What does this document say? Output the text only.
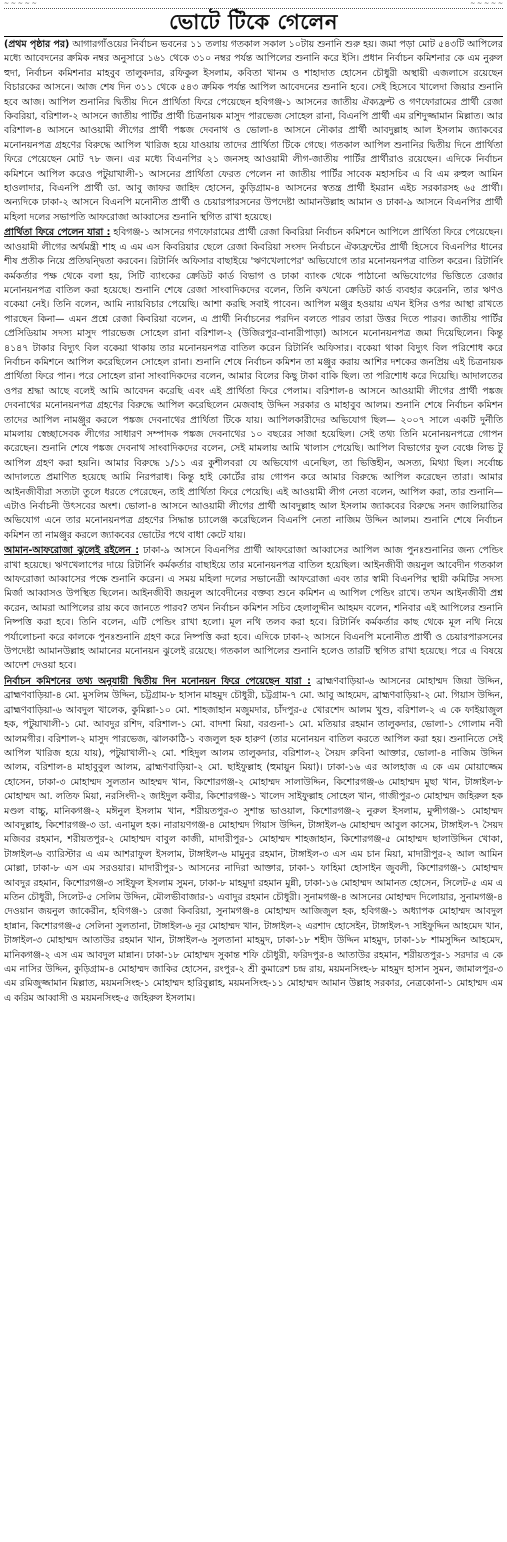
~ ~ ~ ~ ~	~ ~ ~ ~ ~
ভোটে টিকে গেলেন

(প্রথম পৃষ্ঠার পর) আগারগাঁওয়ের নির্বাচন ভবনের ১১ তলায় গতকাল সকাল ১০টায় শুনানি শুরু হয়। জমা পড়া মোট ৫৪৩টি আপিলের মধ্যে আবেদনের ক্রমিক নম্বর অনুসারে ১৬১ থেকে ৩১০ নম্বর পর্যন্ত আপিলের শুনানি করে ইসি। প্রধান নির্বাচন কমিশনার কে এম নুরুল হুদা, নির্বাচন কমিশনার মাহবুব তালুকদার, রফিকুল ইসলাম, কবিতা খানম ও শাহাদাত হোসেন চৌধুরী অস্থায়ী এজলাসে রয়েছেন বিচারকের আসনে। আজ শেষ দিন ৩১১ থেকে ৫৪৩ ক্রমিক পর্যন্ত আপিল আবেদনের শুনানি হবে। সেই হিসেবে খালেদা জিয়ার শুনানি হবে আজ। আপিল শুনানির দ্বিতীয় দিনে প্রার্থিতা ফিরে পেয়েছেন হবিগঞ্জ-১ আসনের জাতীয় ঐক্যফ্রন্ট ও গণফোরামের প্রার্থী রেজা কিবরিয়া, বরিশাল-২ আসনে জাতীয় পার্টির প্রার্থী চিত্রনায়ক মাসুদ পারভেজ সোহেল রানা, বিএনপি প্রার্থী এম রশিদুজ্জামান মিল্লাত। আর বরিশাল-৪ আসনে আওয়ামী লীগের প্রার্থী পঙ্কজ দেবনাথ ও ভোলা-৪ আসনে নৌকার প্রার্থী আবদুল্লাহ আল ইসলাম জ্যাকবের মনোনয়নপত্র গ্রহণের বিরুদ্ধে আপিল খারিজ হয়ে যাওয়ায় তাদের প্রার্থিতা টিকে গেছে। গতকাল আপিল শুনানির দ্বিতীয় দিনে প্রার্থিতা ফিরে পেয়েছেন মোট ৭৮ জন। এর মধ্যে বিএনপির ২১ জনসহ আওয়ামী লীগ-জাতীয় পার্টির প্রার্থীরাও রয়েছেন। এদিকে নির্বাচন কমিশনে আপিল করেও পটুয়াখালী-১ আসনের প্রার্থিতা ফেরত পেলেন না জাতীয় পার্টির সাবেক মহাসচিব এ বি এম রুহুল আমিন হাওলাদার, বিএনপি প্রার্থী ডা. আবু জাফর জাহিদ হোসেন, কুড়িগ্রাম-৪ আসনের স্বতন্ত্র প্রার্থী ইমরান এইচ সরকারসহ ৬৫ প্রার্থী। অন্যদিকে ঢাকা-২ আসনে বিএনপি মনোনীত প্রার্থী ও চেয়ারপারসনের উপদেষ্টা আমানউল্লাহ আমান ও ঢাকা-৯ আসনে বিএনপির প্রার্থী মহিলা দলের সভাপতি আফরোজা আব্বাসের শুনানি স্থগিত রাখা হয়েছে।

প্রার্থিতা ফিরে পেলেন যারা : হবিগঞ্জ-১ আসনের গণফোরামের প্রার্থী রেজা কিবরিয়া নির্বাচন কমিশনে আপিলে প্রার্থিতা ফিরে পেয়েছেন। আওয়ামী লীগের অর্থমন্ত্রী শাহ এ এম এস কিবরিয়ার ছেলে রেজা কিবরিয়া সংসদ নির্বাচনে ঐক্যফ্রন্টের প্রার্থী হিসেবে বিএনপির ধানের শীষ প্রতীক নিয়ে প্রতিদ্বন্দ্বিতা করবেন। রিটার্নিং অফিসার বাছাইয়ে 'ঋণখেলাপের' অভিযোগে তার মনোনয়নপত্র বাতিল করেন। রিটার্নিং কর্মকর্তার পক্ষ থেকে বলা হয়, সিটি ব্যাংকের ক্রেডিট কার্ড বিভাগ ও ঢাকা ব্যাংক থেকে পাঠানো অভিযোগের ভিত্তিতে রেজার মনোনয়নপত্র বাতিল করা হয়েছে। শুনানি শেষে রেজা সাংবাদিকদের বলেন, তিনি কখনো ক্রেডিট কার্ড ব্যবহার করেননি, তার ঋণও বকেয়া নেই। তিনি বলেন, আমি ন্যায়বিচার পেয়েছি। আশা করছি সবাই পাবেন। আপিল মঞ্জুর হওয়ায় এখন ইসির ওপর আস্থা রাখতে পারছেন কিনা— এমন প্রশ্নে রেজা কিবরিয়া বলেন, এ প্রার্থী নির্বাচনের পরদিন বলতে পারব তারা উত্তর দিতে পারব। জাতীয় পার্টির প্রেসিডিয়াম সদস্য মাসুদ পারভেজ সোহেল রানা বরিশাল-২ (উজিরপুর-বানারীপাড়া) আসনে মনোনয়নপত্র জমা দিয়েছিলেন। কিন্তু ৪১৪৭ টাকার বিদ্যুৎ বিল বকেয়া থাকায় তার মনোনয়নপত্র বাতিল করেন রিটার্নিং অফিসার। বকেয়া থাকা বিদ্যুৎ বিল পরিশোধ করে নির্বাচন কমিশনে আপিল করেছিলেন সোহেল রানা। শুনানি শেষে নির্বাচন কমিশন তা মঞ্জুর করায় আশির দশকের জনপ্রিয় এই চিত্রনায়ক প্রার্থিতা ফিরে পান। পরে সোহেল রানা সাংবাদিকদের বলেন, আমার বিলের কিছু টাকা বাকি ছিল। তা পরিশোধ করে দিয়েছি। আদালতের ওপর শ্রদ্ধা আছে বলেই আমি আবেদন করেছি এবং এই প্রার্থিতা ফিরে পেলাম। বরিশাল-৪ আসনে আওয়ামী লীগের প্রার্থী পঙ্কজ দেবনাথের মনোনয়নপত্র গ্রহণের বিরুদ্ধে আপিল করেছিলেন মেজবাহ উদ্দিন সরকার ও মাহাবুব আলম। শুনানি শেষে নির্বাচন কমিশন তাদের আপিল নামঞ্জুর করলে পঙ্কজ দেবনাথের প্রার্থিতা টিকে যায়। আপিলকারীদের অভিযোগ ছিল— ২০০৭ সালে একটি দুর্নীতি মামলায় স্বেচ্ছাসেবক লীগের সাধারণ সম্পাদক পঙ্কজ দেবনাথের ১০ বছরের সাজা হয়েছিল। সেই তথ্য তিনি মনোনয়নপত্রে গোপন করেছেন। শুনানি শেষে পঙ্কজ দেবনাথ সাংবাদিকদের বলেন, সেই মামলায় আমি খালাস পেয়েছি। আপিল বিভাগের ফুল বেঞ্চে লিভ টু আপিল গ্রহণ করা হয়নি। আমার বিরুদ্ধে ১/১১ এর কুশীলবরা যে অভিযোগ এনেছিল, তা ভিত্তিহীন, অসত্য, মিথ্যা ছিল। সর্বোচ্চ আদালতে প্রমাণিত হয়েছে আমি নিরপরাধ। কিন্তু হাই কোর্টের রায় গোপন করে আমার বিরুদ্ধে আপিল করেছেন তারা। আমার আইনজীবীরা সত্যটা তুলে ধরতে পেরেছেন, তাই প্রার্থিতা ফিরে পেয়েছি। এই আওয়ামী লীগ নেতা বলেন, আপিল করা, তার শুনানি— এটাও নির্বাচনী উৎসবের অংশ। ভোলা-৪ আসনে আওয়ামী লীগের প্রার্থী আবদুল্লাহ আল ইসলাম জ্যাকবের বিরুদ্ধে সনদ জালিয়াতির অভিযোগ এনে তার মনোনয়নপত্র গ্রহণের সিদ্ধান্ত চ্যালেঞ্জ করেছিলেন বিএনপি নেতা নাজিম উদ্দিন আলম। শুনানি শেষে নির্বাচন কমিশন তা নামঞ্জুর করলে জ্যাকবের ভোটের পথে বাধা কেটে যায়।

আমান-আফরোজা ঝুলেই রইলেন : ঢাকা-৯ আসনে বিএনপির প্রার্থী আফরোজা আব্বাসের আপিল আজ পুনঃশুনানির জন্য পেন্ডিং রাখা হয়েছে। ঋণখেলাপের দায়ে রিটার্নিং কর্মকর্তার বাছাইয়ে তার মনোনয়নপত্র বাতিল হয়েছিল। আইনজীবী জয়নুল আবেদীন গতকাল আফরোজা আব্বাসের পক্ষে শুনানি করেন। এ সময় মহিলা দলের সভানেত্রী আফরোজা এবং তার স্বামী বিএনপির স্থায়ী কমিটির সদস্য মির্জা আব্বাসও উপস্থিত ছিলেন। আইনজীবী জয়নুল আবেদীনের বক্তব্য শুনে কমিশন এ আপিল পেন্ডিং রাখে। তখন আইনজীবী প্রশ্ন করেন, আমরা আপিলের রায় কবে জানতে পারব? তখন নির্বাচন কমিশন সচিব হেলালুদ্দীন আহমদ বলেন, শনিবার এই আপিলের শুনানি নিষ্পত্তি করা হবে। তিনি বলেন, এটি পেন্ডিং রাখা হলো। মূল নথি তলব করা হবে। রিটার্নিং কর্মকর্তার কাছ থেকে মূল নথি নিয়ে পর্যালোচনা করে কালকে পুনঃশুনানি গ্রহণ করে নিষ্পত্তি করা হবে। এদিকে ঢাকা-২ আসনে বিএনপি মনোনীত প্রার্থী ও চেয়ারপারসনের উপদেষ্টা আমানউল্লাহ আমানের মনোনয়ন ঝুলেই রয়েছে। গতকাল আপিলের শুনানি হলেও তারটি স্থগিত রাখা হয়েছে। পরে এ বিষয়ে আদেশ দেওয়া হবে।

নির্বাচন কমিশনের তথ্য অনুযায়ী দ্বিতীয় দিন মনোনয়ন ফিরে পেয়েছেন যারা : ব্রাহ্মণবাড়িয়া-৬ আসনের মোহাম্মদ জিয়া উদ্দিন, ব্রাহ্মণবাড়িয়া-৪ মো. মুসলিম উদ্দিন, চট্টগ্রাম-৮ হাসান মাহমুদ চৌধুরী, চট্টগ্রাম-৭ মো. আবু আহমেদ, ব্রাহ্মণবাড়িয়া-২ মো. গিয়াস উদ্দিন, ব্রাহ্মণবাড়িয়া-৬ আবদুল খালেক, কুমিল্লা-১০ মো. শাহজাহান মজুমদার, চাঁদপুর-৫ খোরশেদ আলম খুশু, বরিশাল-২ এ কে ফাইয়াজুল হক, পটুয়াখালী-১ মো. আবদুর রশিদ, বরিশাল-১ মো. বাদশা মিয়া, বরগুনা-১ মো. মতিয়ার রহমান তালুকদার, ভোলা-১ গোলাম নবী আলমগীর। বরিশাল-২ মাসুদ পারভেজ, ঝালকাঠি-১ বজলুল হক হারুণ (তার মনোনয়ন বাতিল করতে আপিল করা হয়। শুনানিতে সেই আপিল খারিজ হয়ে যায়), পটুয়াখালী-২ মো. শহিদুল আলম তালুকদার, বরিশাল-২ সৈয়দ রুবিনা আক্তার, ভোলা-৪ নাজিম উদ্দিন আলম, বরিশাল-৪ মাহাবুবুল আলম, ব্রাহ্মণবাড়িয়া-২ মো. ছাইফুল্লাহ (হুমায়ুন মিয়া)। ঢাকা-১৬ এর আলহাজ এ কে এম মোয়াজ্জেম হোসেন, ঢাকা-৩ মোহাম্মদ সুলতান আহম্মদ খান, কিশোরগঞ্জ-২ মোহাম্মদ সালাউদ্দিন, কিশোরগঞ্জ-৬ মোহাম্মদ মুছা খান, টাঙ্গাইল-৮ মোহাম্মদ আ. লতিফ মিয়া, নরসিংদী-২ জাইদুল কবীর, কিশোরগঞ্জ-১ খালেদ সাইফুল্লাহ সোহেল খান, গাজীপুর-৩ মোহাম্মদ জহিরুল হক মণ্ডল বাচ্চু, মানিকগঞ্জ-২ মঈনুল ইসলাম খান, শরীয়তপুর-৩ সুশান্ত ভাওয়াল, কিশোরগঞ্জ-২ নুরুল ইসলাম, মুন্সীগঞ্জ-১ মোহাম্মদ আবদুল্লাহ, কিশোরগঞ্জ-৩ ডা. এনামুল হক। নারায়ণগঞ্জ-৪ মোহাম্মদ গিয়াস উদ্দিন, টাঙ্গাইল-৬ মোহাম্মদ আবুল কাসেম, টাঙ্গাইল-৭ সৈয়দ মজিবর রহমান, শরীয়তপুর-২ মোহাম্মদ বাবুল কাজী, মাদারীপুর-১ মোহাম্মদ শাহজাহান, কিশোরগঞ্জ-৫ মোহাম্মদ ছালাউদ্দিন খোকা, টাঙ্গাইল-৬ ব্যারিস্টার এ এম আশরাফুল ইসলাম, টাঙ্গাইল-৬ মামুনুর রহমান, টাঙ্গাইল-৩ এস এম চান মিয়া, মাদারীপুর-২ আল আমিন মোল্লা, ঢাকা-৮ এস এম সরওয়ার। মাদারীপুর-১ আসনের নাদিরা আক্তার, ঢাকা-১ ফাহিমা হোসাইন জুবলী, কিশোরগঞ্জ-১ মোহাম্মদ আবদুর রহমান, কিশোরগঞ্জ-৩ সাইফুল ইসলাম সুমন, ঢাকা-৮ মাহমুদা রহমান মুন্নী, ঢাকা-১৬ মোহাম্মদ আমানত হোসেন, সিলেট-৫ এম এ মতিন চৌধুরী, সিলেট-৫ সেলিম উদ্দিন, মৌলভীবাজার-১ এবাদুর রহমান চৌধুরী। সুনামগঞ্জ-৪ আসনের মোহাম্মদ দিলোয়ার, সুনামগঞ্জ-৪ দেওয়ান জয়নুল জাকেরীন, হবিগঞ্জ-১ রেজা কিবরিয়া, সুনামগঞ্জ-৪ মোহাম্মদ আজিজুল হক, হবিগঞ্জ-১ অধ্যাপক মোহাম্মদ আবদুল হান্নান, কিশোরগঞ্জ-৫ সেলিনা সুলতানা, টাঙ্গাইল-৬ নূর মোহাম্মদ খান, টাঙ্গাইল-২ এরশাদ হোসেইন, টাঙ্গাইল-৭ সাইফুদ্দিন আহমেদ খান, টাঙ্গাইল-৩ মোহাম্মদ আতাউর রহমান খান, টাঙ্গাইল-৬ সুলতানা মাহমুদ, ঢাকা-১৮ শহীদ উদ্দিন মাহমুদ, ঢাকা-১৮ শামসুদ্দিন আহমেদ, মানিকগঞ্জ-২ এস এম আবদুল মান্নান। ঢাকা-১৮ মোহাম্মদ সুকান্ত শফি চৌধুরী, ফরিদপুর-৪ আতাউর রহমান, শরীয়তপুর-১ সরদার এ কে এম নাসির উদ্দিন, কুড়িগ্রাম-৪ মোহাম্মদ জাকির হোসেন, রংপুর-২ শ্রী কুমারেশ চন্দ্র রায়, ময়মনসিংহ-৮ মাহমুদ হাসান সুমন, জামালপুর-৩ এম রমিজুজ্জামান মিল্লাত, ময়মনসিংহ-১ মোহাম্মদ হারিবুল্লাহ, ময়মনসিংহ-১১ মোহাম্মদ আমান উল্লাহ সরকার, নেত্রকোনা-১ মোহাম্মদ এম এ করিম আব্বাসী ও ময়মনসিংহ-৫ জহিরুল ইসলাম।
